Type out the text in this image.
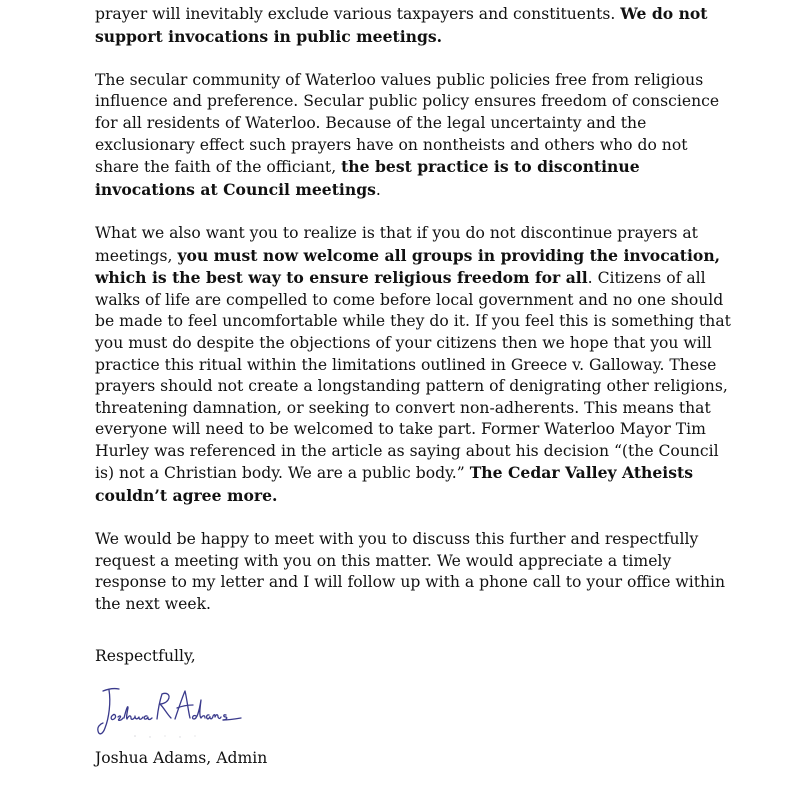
prayer will inevitably exclude various taxpayers and constituents. We do not support invocations in public meetings.

The secular community of Waterloo values public policies free from religious influence and preference. Secular public policy ensures freedom of conscience for all residents of Waterloo. Because of the legal uncertainty and the exclusionary effect such prayers have on nontheists and others who do not share the faith of the officiant, the best practice is to discontinue invocations at Council meetings.

What we also want you to realize is that if you do not discontinue prayers at meetings, you must now welcome all groups in providing the invocation, which is the best way to ensure religious freedom for all. Citizens of all walks of life are compelled to come before local government and no one should be made to feel uncomfortable while they do it. If you feel this is something that you must do despite the objections of your citizens then we hope that you will practice this ritual within the limitations outlined in Greece v. Galloway. These prayers should not create a longstanding pattern of denigrating other religions, threatening damnation, or seeking to convert non-adherents. This means that everyone will need to be welcomed to take part. Former Waterloo Mayor Tim Hurley was referenced in the article as saying about his decision “(the Council is) not a Christian body. We are a public body.” The Cedar Valley Atheists couldn’t agree more.

We would be happy to meet with you to discuss this further and respectfully request a meeting with you on this matter. We would appreciate a timely response to my letter and I will follow up with a phone call to your office within the next week.

Respectfully,

Joshua Adams, Admin
